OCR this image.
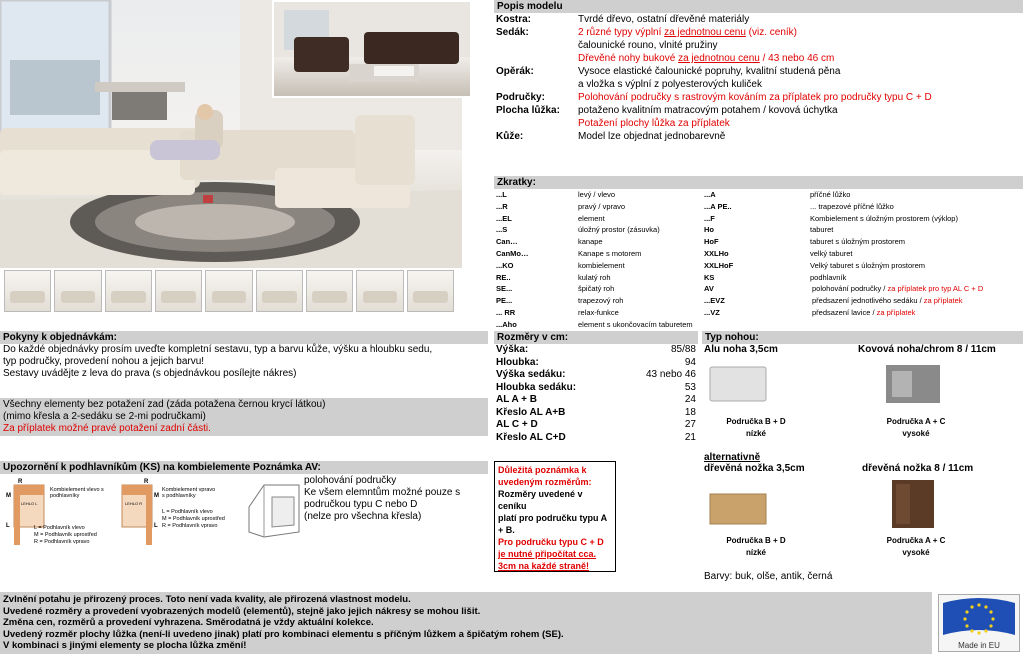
Popis modelu
Kostra:	Tvrdé dřevo, ostatní dřevěné materiály
Sedák:	2 různé typy výplní za jednotnou cenu (viz. ceník)
čalounické rouno, vlnité pružiny
Dřevěné nohy bukové za jednotnou cenu / 43 nebo 46 cm
Opěrák:	Vysoce elastické čalounické popruhy, kvalitní studená pěna
a vložka s výplní z polyesterových kuliček
Područky:	Polohování područky s rastrovým kováním za příplatek pro područky typu C + D
Plocha lůžka:	potaženo kvalitním matracovým potahem / kovová úchytka
Potažení plochy lůžka za příplatek
Kůže:	Model lze objednat jednobarevně
Zkratky:
...L	levý / vlevo	...A	příčné lůžko
...R	pravý / vpravo	...A PE..	... trapezové příčné lůžko
...EL	element	...F	Kombielement s úložným prostorem (výklop)
...S	úložný prostor (zásuvka)	Ho	taburet
Can…	kanape	HoF	taburet s úložným prostorem
CanMo…	Kanape s motorem	XXLHo	velký taburet
...KO	kombielement	XXLHoF	Velký taburet s úložným prostorem
RE..	kulatý roh	KS	podhlavník
SE...	špičatý roh	AV	polohování područky / za příplatek pro typ AL C + D
PE...	trapezový roh	...EVZ	předsazení jednotlivého sedáku / za příplatek
... RR	relax-funkce	...VZ	předsazení lavice / za příplatek
...Aho	element s ukončovacím taburetem
Pokyny k objednávkám:

Do každé objednávky prosím uveďte kompletní sestavu, typ a barvu kůže, výšku a hloubku sedu,

typ područky, provedení nohou a jejich barvu!

Sestavy uvádějte z leva do prava (s objednávkou posílejte nákres)

Všechny elementy bez potažení zad (záda potažena černou krycí látkou)
(mimo křesla a 2-sedáku se 2-mi područkami)
Za příplatek možné pravé potažení zadní části.
Rozměry v cm:
Výška:	85/88
Hloubka:	94
Výška sedáku:	43 nebo 46
Hloubka sedáku:	53
AL A + B	24
Křeslo AL A+B	18
AL C + D	27
Křeslo AL C+D	21
Typ nohou:
Alu noha 3,5cm	Kovová noha/chrom 8 / 11cm
Područka B + D
nízké
Područka A + C
vysoké
alternativně
dřevěná nožka 3,5cm	dřevěná nožka 8 / 11cm
Područka B + D
nízké
Područka A + C
vysoké
Barvy: buk, olše, antik, černá
Upozornění k podhlavníkům (KS) na kombielemente Poznámka AV:
R
M
L
LEHLO L
Kombielement vlevo s podhlavníky
L = Podhlavník vlevo
M = Podhlavník uprostřed
R = Podhlavník vpravo
R
M
L
LEHLO R
Kombielement vpravo s podhlavníky
L = Podhlavník vlevo
M = Podhlavník uprostřed
R = Podhlavník vpravo
polohování područky
Ke všem elemntům možné pouze s
područkou typu C nebo D
(nelze pro všechna křesla)
Důležitá poznámka k
uvedeným rozměrům:
Rozměry uvedené v ceníku
platí pro područku typu A
+ B.
Pro područku typu C + D
je nutné připočítat cca.
3cm na každé straně!

Zvlnění potahu je přirozený proces. Toto není vada kvality, ale přirozená vlastnost modelu.

Uvedené rozměry a provedení vyobrazených modelů (elementů), stejně jako jejich nákresy se mohou lišit.

Změna cen, rozměrů a provedení vyhrazena. Směrodatná je vždy aktuální kolekce.

Uvedený rozměr plochy lůžka (není-li uvedeno jinak) platí pro kombinaci elementu s příčným lůžkem a špičatým rohem (SE).

V kombinaci s jinými elementy se plocha lůžka změní!	Made in EU
